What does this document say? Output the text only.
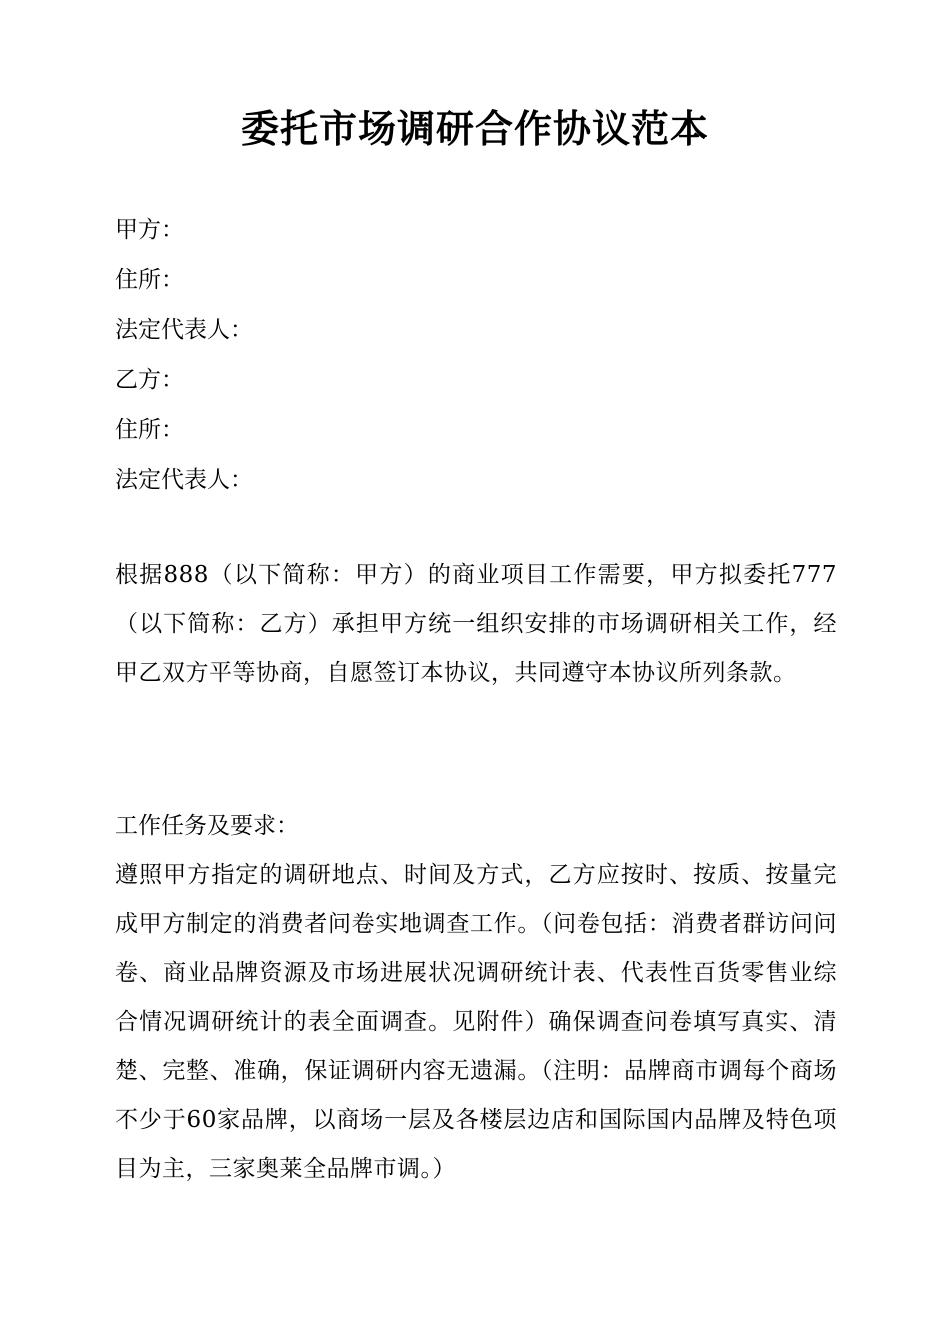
委托市场调研合作协议范本
甲方：
住所：
法定代表人：
乙方：
住所：
法定代表人：
根据888（以下简称：甲方）的商业项目工作需要，甲方拟委托777（以下简称：乙方）承担甲方统一组织安排的市场调研相关工作，经甲乙双方平等协商，自愿签订本协议，共同遵守本协议所列条款。
工作任务及要求：
遵照甲方指定的调研地点、时间及方式，乙方应按时、按质、按量完成甲方制定的消费者问卷实地调查工作。（问卷包括：消费者群访问问卷、商业品牌资源及市场进展状况调研统计表、代表性百货零售业综合情况调研统计的表全面调查。见附件）确保调查问卷填写真实、清楚、完整、准确，保证调研内容无遗漏。（注明：品牌商市调每个商场不少于60家品牌，以商场一层及各楼层边店和国际国内品牌及特色项目为主，三家奥莱全品牌市调。）
